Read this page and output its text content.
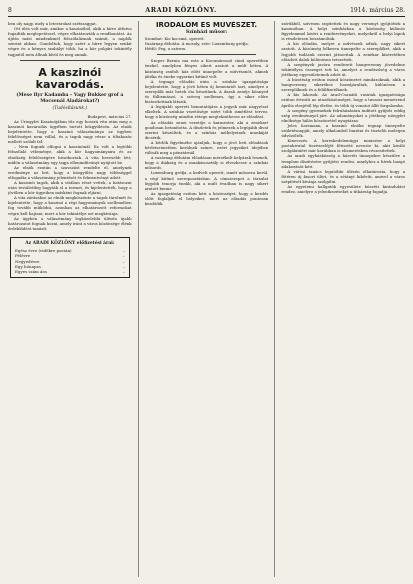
8	ARADI KÖZLÖNY.	1914. március 28.

ben oly nagy, mely a leterárokat szétszaggat.

Ott ülés volt már, amikor a kaszinóból, akik a hírre átfutva fogadták meglepetéssel, végre elhatározták a rendbontást. Az újitás mást mindenkinél felszólalásnak számít, a naplók szerint abban. Gondoltuk, hogy azért a hírre legyen senkit végre és a kényes szabályt több, ha a kör polgári tekintély tagjaitól nem állnak kívül és meg annak.

A kaszinói kavarodás.
(Mese Ilyr Kadamba – Vagy Bukker grof a Mocsenál Aladárokat?)
(Tudósításunk.)

Budapest, március 27.

Az Úriegylet Kaszinójában tűz egy hosszú vita után meg a kaszinói kavarodás ügyében tartott közgyűlésén. Az elnök bejelentette, hogy a kaszinó választmánya az ügyben felelősséget nem vállal, és a tagok nagy része a tiltakozás mellett szólalt fel.

– Nem fogunk elfogni a kaszinónál. Ez volt a legtöbb felszólaló véleménye, akik a kör hagyományaira és az elnökség felelősségére hivatkoztak. A vita hevesebb lett, midőn a választmány egy tagja ellenindítványt nyújtott be.

Az elnök ezután a szavazást rendelte el, amelynek eredménye az lett, hogy a közgyűlés nagy többséggel elfogadta a választmány jelentését és felmentvényt adott.

A kaszinói tagok, akik a vitában részt vettek, a határozat után testületileg hagyták el a termet, és kijelentették, hogy a jövőben a kör ügyeiben másként fognak eljárni.

A vita zárásakor az elnök megköszönte a tagok türelmét és kijelentette, hogy a kaszinó a régi hagyományok szellemében fog tovább működni, azonban az elhatározott reformokat végre kell hajtani, mert a kör tekintélye ezt megkívánja.

Az ügyben a választmány legközelebbi ülésén újabb határozatot fognak hozni, amely iránt a város közönsége élénk érdeklődést tanúsít.

Az ARADI KÖZLÖNY előfizetési árai:
Egész évre (vidékre postán)	–
Félévre	–
Negyedévre	–
Egy hónapra	–
Egyes szám ára	–
IRODALOM ÉS MŰVÉSZET.
Színházi műsor:

Szombat: Kis kocsmá, operett.

Vasárnap délután: A mosoly, este: Luxemburg grófja.

Hétfő: Peg, a szívem.

Szeper Bernia ma este a Kocsmárosnő című operettben énekel, amelyben fényes sikert aratott a múlt héten. A közönség zsúfolt ház előtt ünnepelte a művésznőt, akinek játéka és éneke egyaránt kitűnő volt.

A tegnapi előadás után a színház igazgatósága bejelentette, hogy a jövő héten új bemutatót tart, amelyre a szereplők már hetek óta készülnek. A darab zenéje könnyed és fülbemászó, a szöveg szellemes, így a siker előre biztosítottnak látszik.

A legújabb operett bemutatójára a jegyek már nagyrészt elkeltek. A színház vezetősége ezért több ismétlést tervez, hogy a közönség minden rétege megtekinthesse az előadást.

Az előadás zenei vezetője a karmester, aki a zenekart gondosan betanította. A díszletek és jelmezek a legújabb divat szerint készültek, és a színház műhelyeinek munkáját dicsérik.

A bérlők figyelmébe ajánljuk, hogy a jövő heti előadások bérletszünetben kerülnek színre, ezért jegyeiket idejében váltsák meg a pénztárnál.

A vasárnap délutáni előadáson mérsékelt helyárak lesznek, hogy a diákság és a munkásosztály is élvezhesse a színház műsorát.

Luxemburg grófja, a kedvelt operett, ismét műsorra kerül, a régi kitűnő szereposztásban. A címszerepet a társulat legjobb tenorja énekli, aki a múlt évadban is nagy sikert aratott benne.

Az igazgatóság ezúton kéri a közönséget, hogy a kezdés előtt foglalják el helyeiket, mert az előadás pontosan kezdődik.

szívükből, szívesen segítettek és nagy versenyt gyűjtöttek a kaszinóban. A helyi színházban a közönség különös figyelemmel kíséri a rendezvényeket, melyekről a helyi lapok is részletesen beszámoltak.

A kis előadás, melyet a művészek adtak, nagy sikert aratott. A közönség lelkesen ünnepelte a szereplőket, akik a legjobb tudásuk szerint játszottak. A zenekar kíséretében előadott dalok különösen tetszettek.

A szegények javára rendezett hangverseny jövedelme tekintélyes összeget tett ki, amelyet a rendezőség a város jótékony egyesületeinek adott át.

A bizottság ezúton mond köszönetet mindazoknak, akik a hangverseny sikeréhez hozzájárultak, különösen a szereplőknek és a felülfizetőknek.

A kis lakosok. Az Arad-Csanádi vasutak igazgatósága ezúton értesíti az utazóközönséget, hogy a tavaszi menetrend április elsejétől lép életbe, és több új vonatot állít forgalomba.

A szegény gyermekek felruházására indított gyűjtés eddig szép eredménnyel járt. Az adományokat a jótékony nőegylet elnöksége hálás köszönettel nyugtázza.

Jeles Sarsmann, a kaszinó elnöke tegnap ünnepelte születésnapját, amely alkalomból barátai és tisztelői melegen üdvözölték.

Kinevezés. A kereskedelemügyi miniszter a helyi postahivatal tisztviselőjét főtisztté nevezte ki, akit kiváló szolgálatáért már korábban is elismerésben részesítettek.

Az aradi egyházközség a húsvéti ünnepekre készülve a templom díszítésére gyűjtést rendez, amelyhez a hívek buzgó adakozását kéri.

A városi tanács legutóbbi ülésén elhatározta, hogy a főtéren új fasort ültet, és a sétányt kibővíti, amivel a város szépítését kívánja szolgálni.

Az egyetemi hallgatók egyesülete húsvéti kirándulást rendez, amelyre a jelentkezéseket a titkárság fogadja.
